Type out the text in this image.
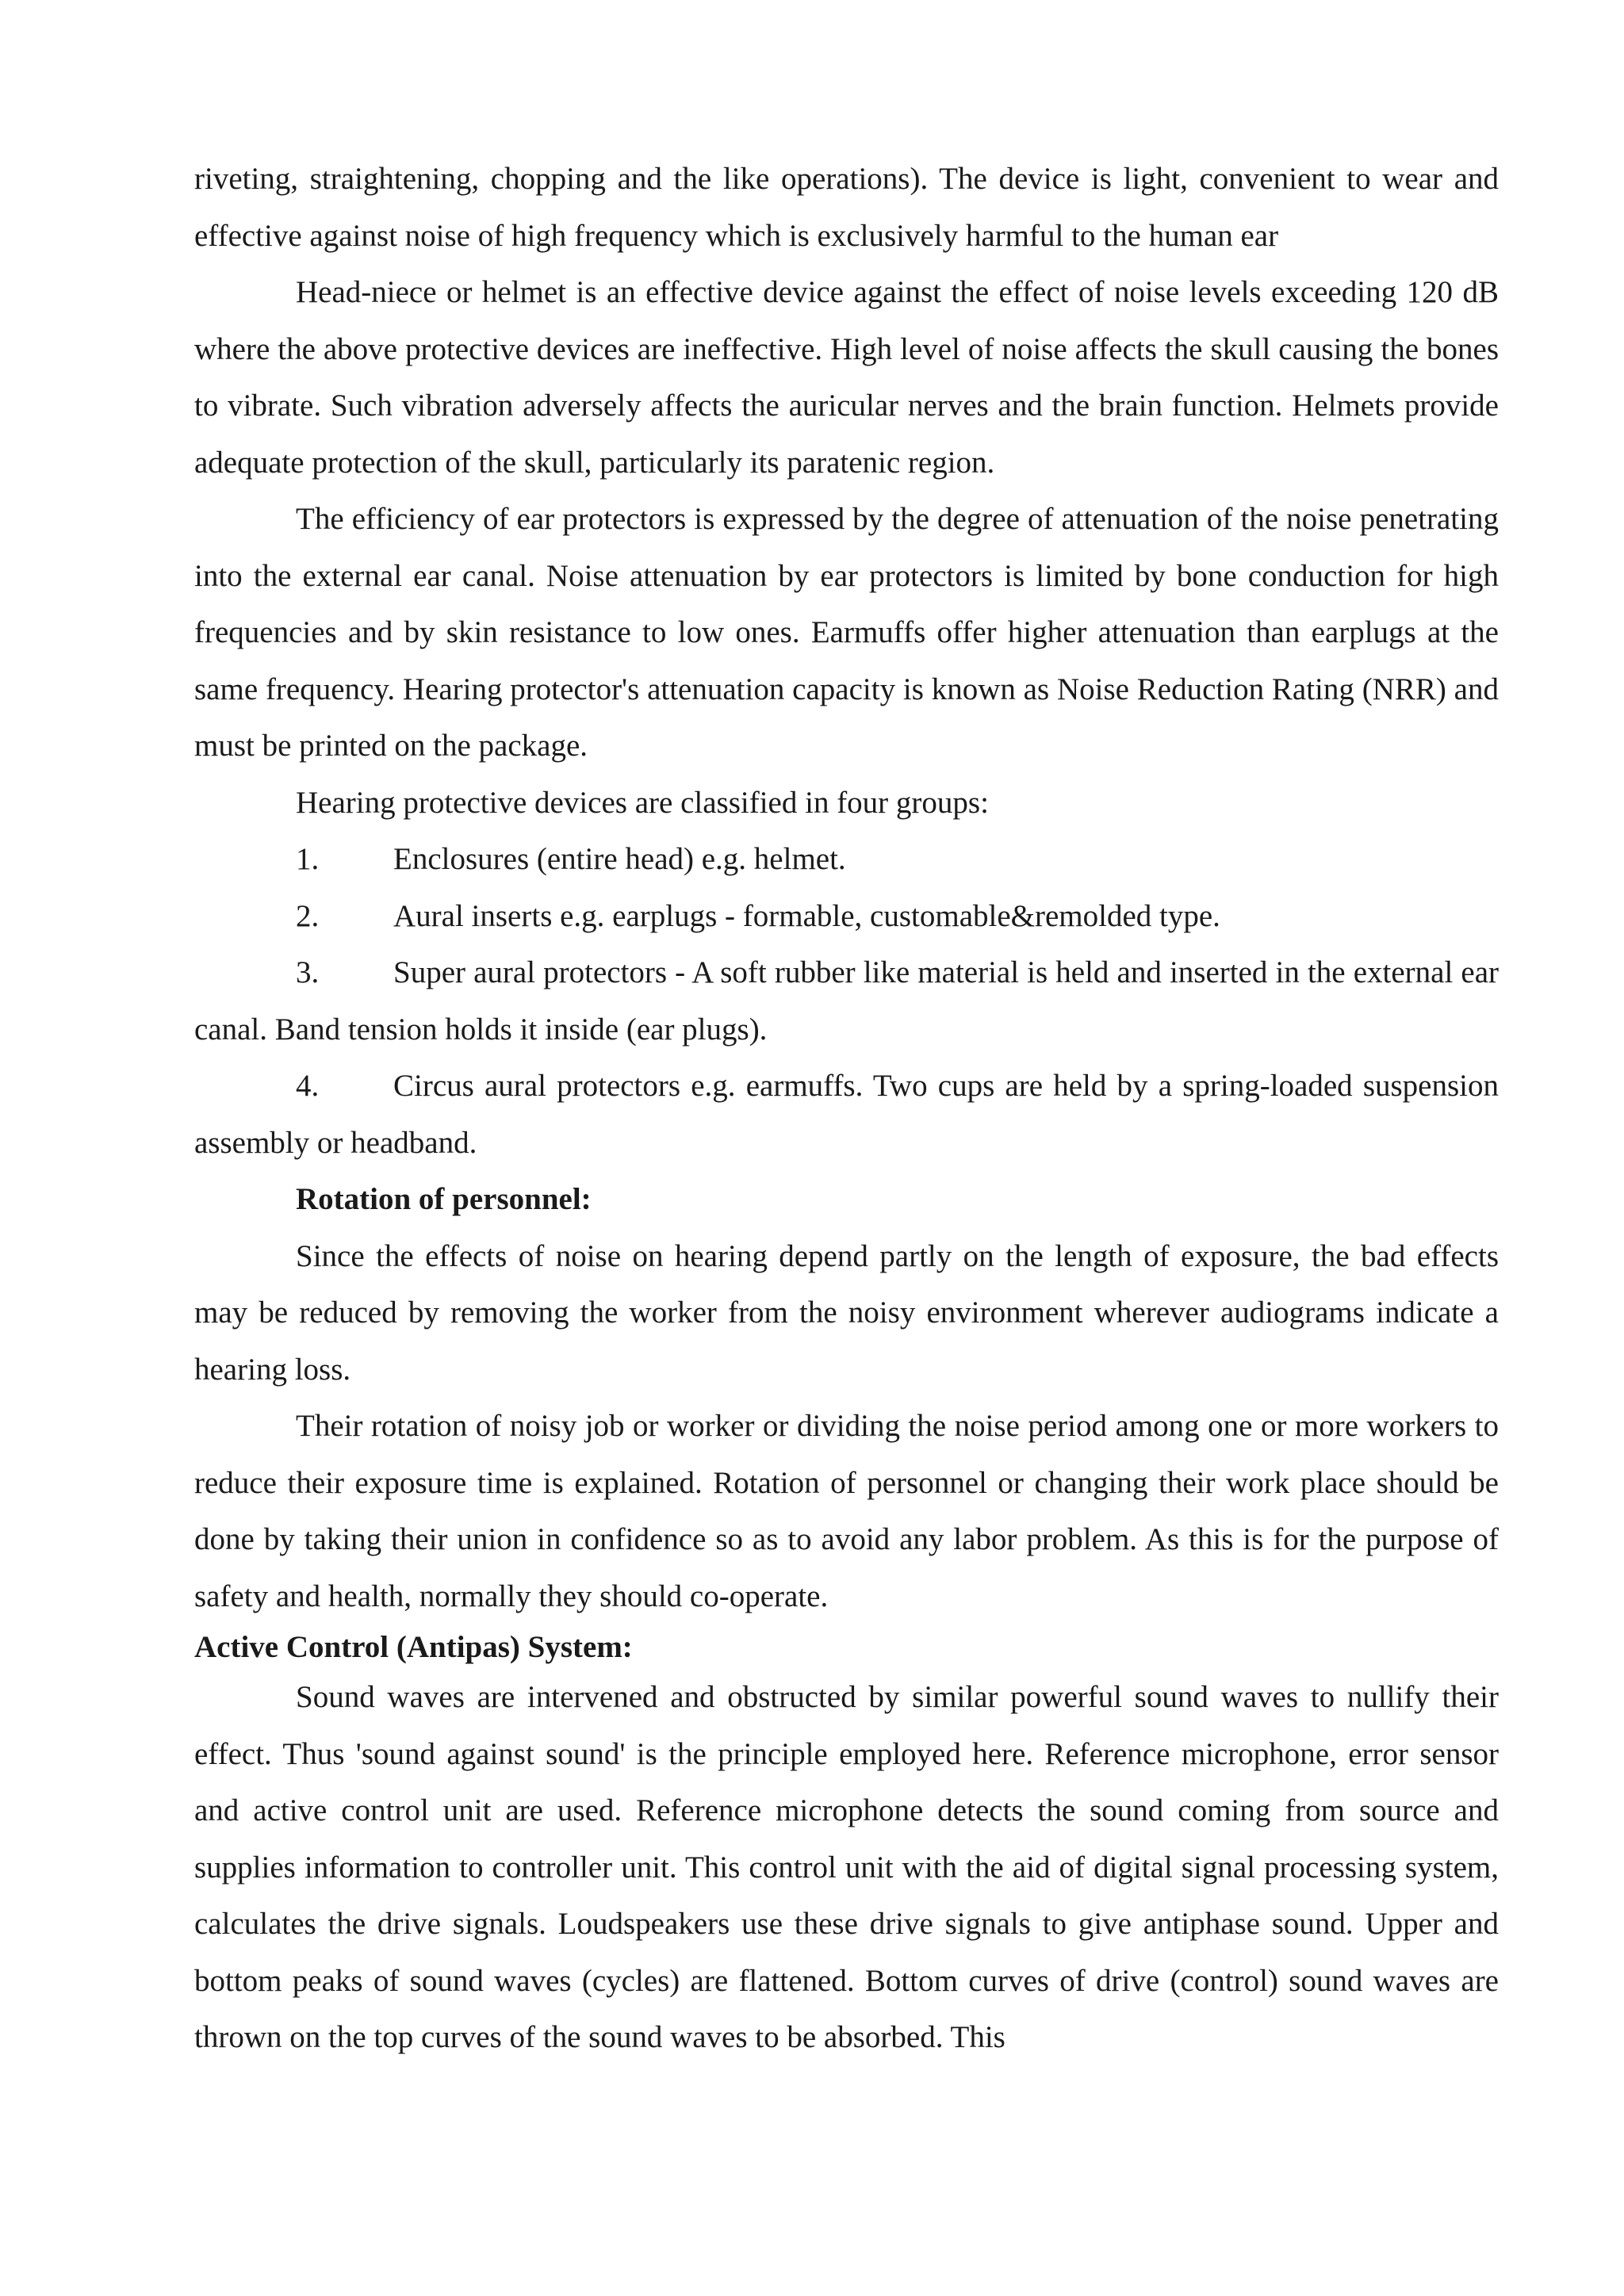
riveting, straightening, chopping and the like operations). The device is light, convenient to wear and effective against noise of high frequency which is exclusively harmful to the human ear

Head-niece or helmet is an effective device against the effect of noise levels exceeding 120 dB where the above protective devices are ineffective. High level of noise affects the skull causing the bones to vibrate. Such vibration adversely affects the auricular nerves and the brain function. Helmets provide adequate protection of the skull, particularly its paratenic region.

The efficiency of ear protectors is expressed by the degree of attenuation of the noise penetrating into the external ear canal. Noise attenuation by ear protectors is limited by bone conduction for high frequencies and by skin resistance to low ones. Earmuffs offer higher attenuation than earplugs at the same frequency. Hearing protector's attenuation capacity is known as Noise Reduction Rating (NRR) and must be printed on the package.

Hearing protective devices are classified in four groups:

1. Enclosures (entire head) e.g. helmet.

2. Aural inserts e.g. earplugs - formable, customable&remolded type.

3. Super aural protectors - A soft rubber like material is held and inserted in the external ear canal. Band tension holds it inside (ear plugs).

4. Circus aural protectors e.g. earmuffs. Two cups are held by a spring-loaded suspension assembly or headband.

Rotation of personnel:

Since the effects of noise on hearing depend partly on the length of exposure, the bad effects may be reduced by removing the worker from the noisy environment wherever audiograms indicate a hearing loss.

Their rotation of noisy job or worker or dividing the noise period among one or more workers to reduce their exposure time is explained. Rotation of personnel or changing their work place should be done by taking their union in confidence so as to avoid any labor problem. As this is for the purpose of safety and health, normally they should co-operate.

Active Control (Antipas) System:

Sound waves are intervened and obstructed by similar powerful sound waves to nullify their effect. Thus 'sound against sound' is the principle employed here. Reference microphone, error sensor and active control unit are used. Reference microphone detects the sound coming from source and supplies information to controller unit. This control unit with the aid of digital signal processing system, calculates the drive signals. Loudspeakers use these drive signals to give antiphase sound. Upper and bottom peaks of sound waves (cycles) are flattened. Bottom curves of drive (control) sound waves are thrown on the top curves of the sound waves to be absorbed. This
